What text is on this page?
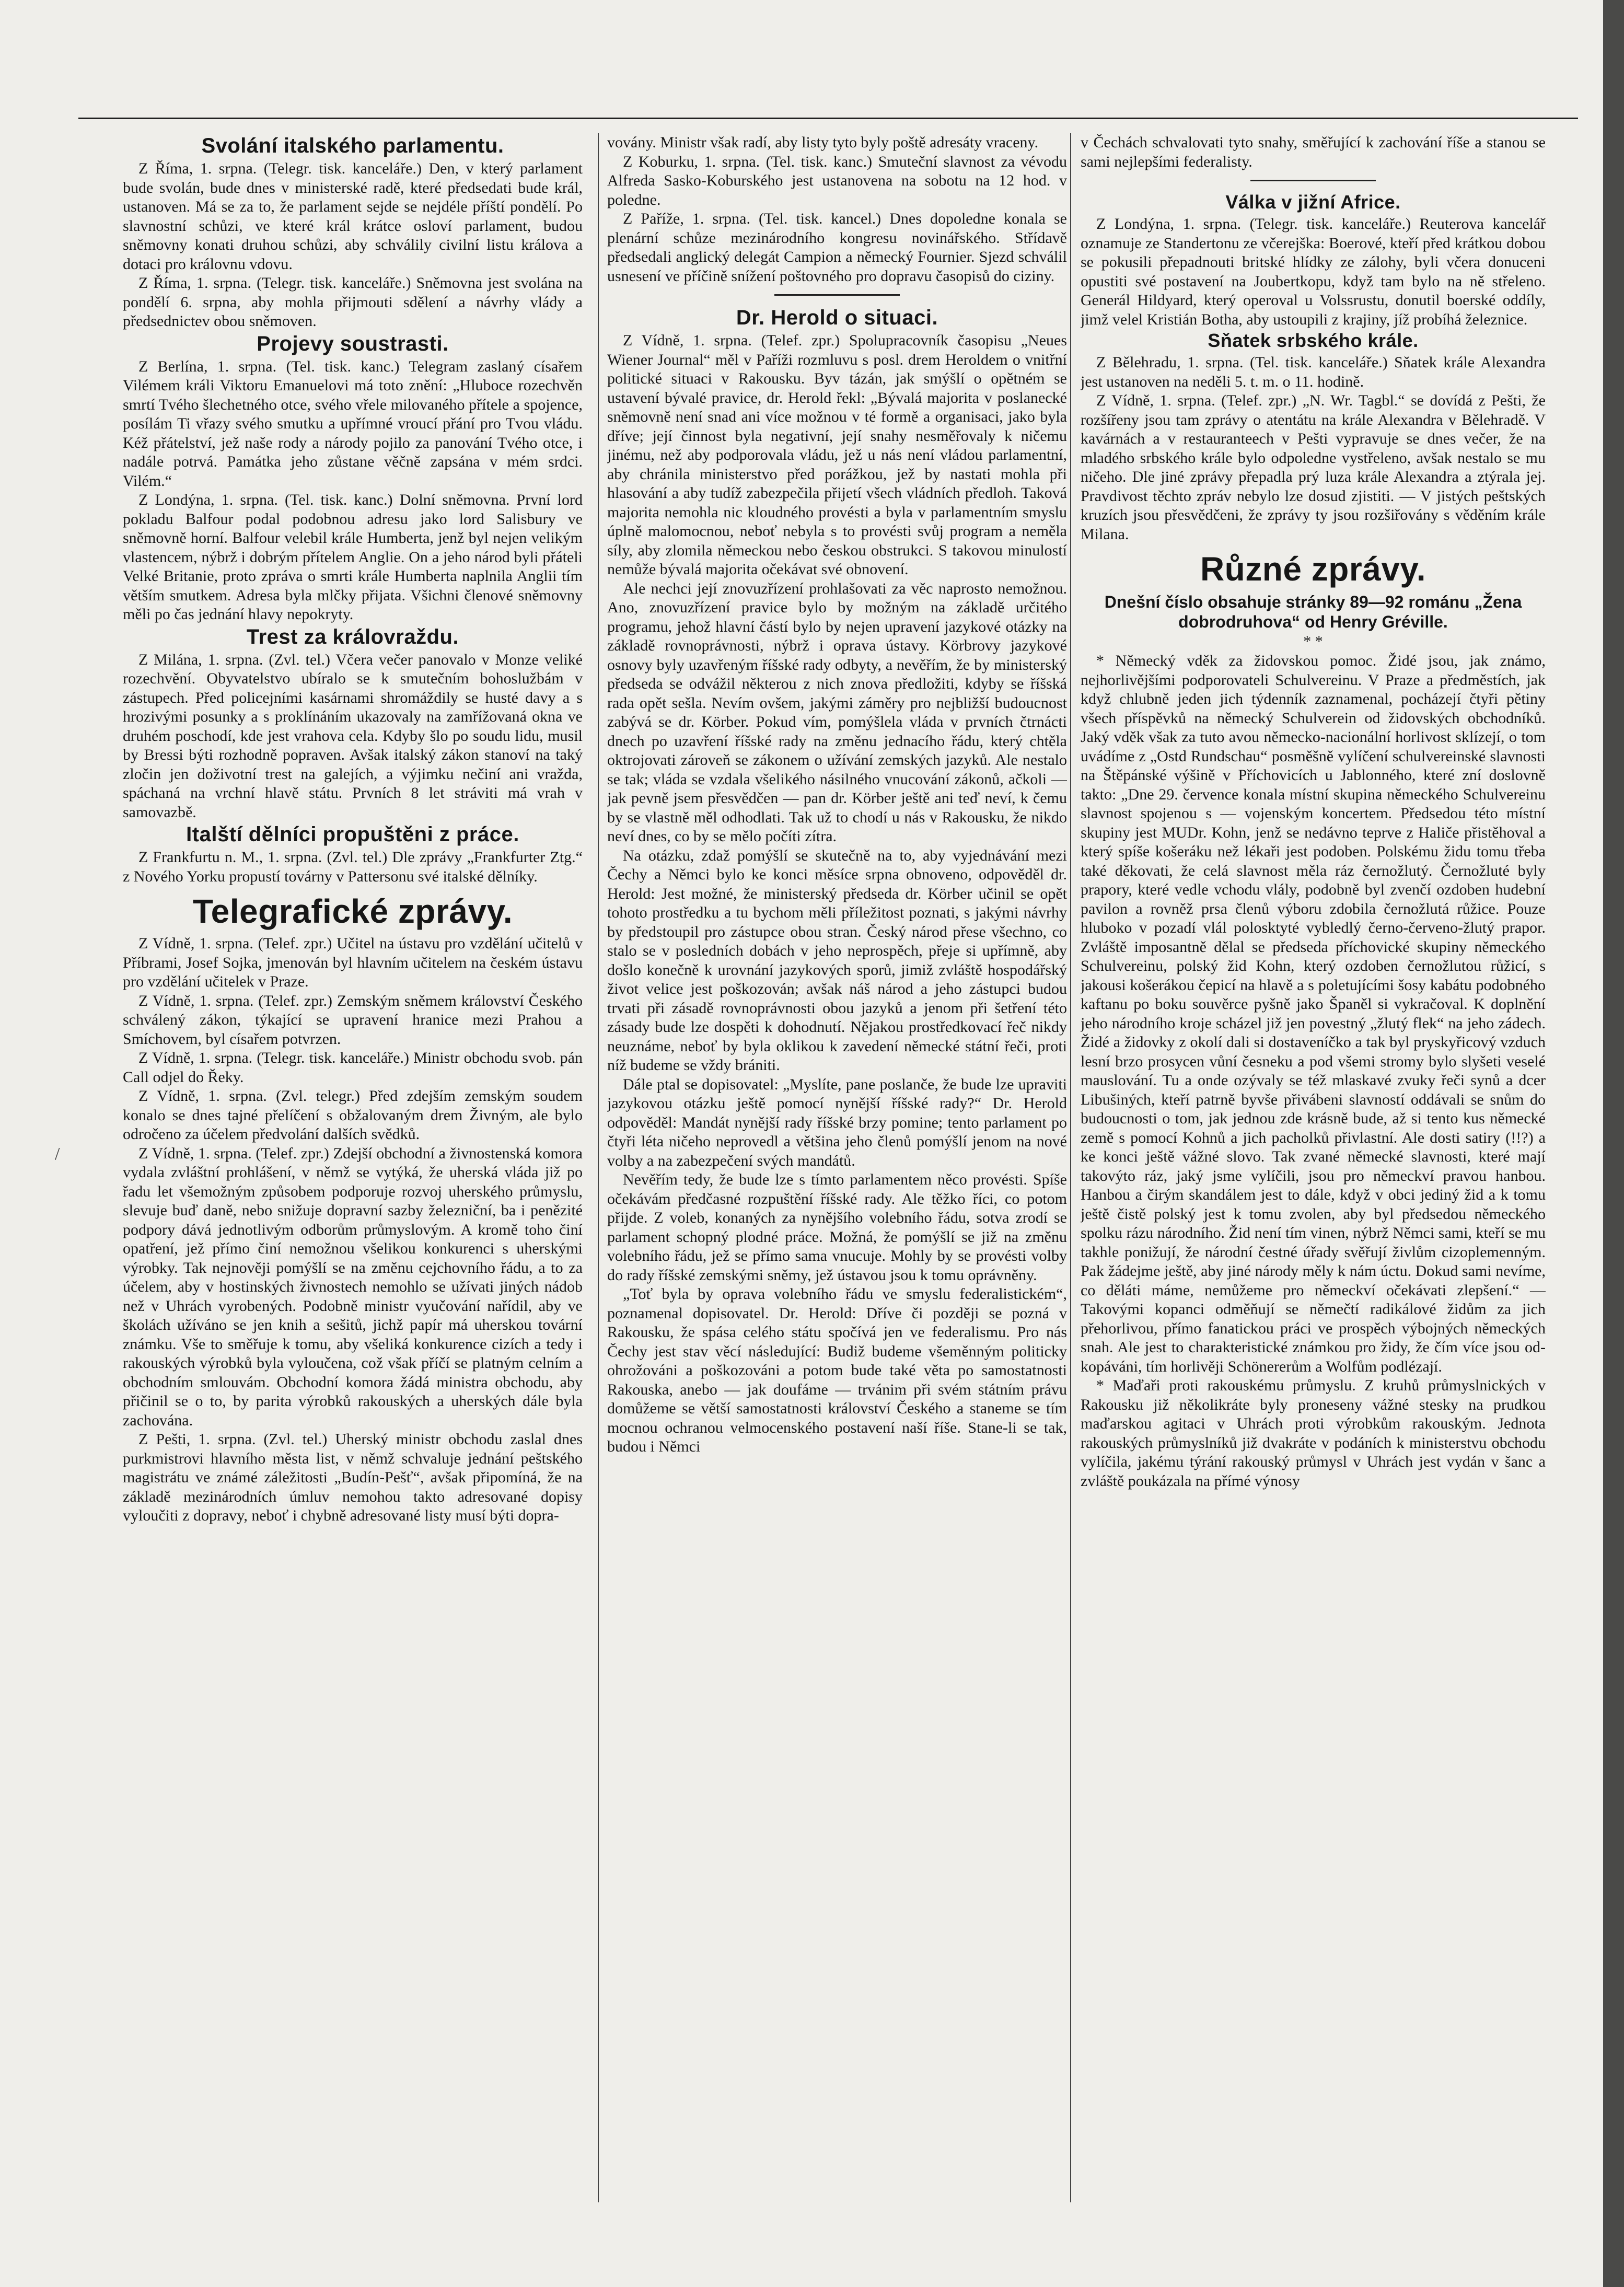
Svolání italského parlamentu.

Z Říma, 1. srpna. (Telegr. tisk. kanceláře.) Den, v který parlament bude svolán, bude dnes v ministerské radě, které předsedati bude král, ustanoven. Má se za to, že parlament sejde se nejdéle příští pondělí. Po slavnostní schůzi, ve které král krátce osloví parlament, budou sněmovny konati druhou schůzi, aby schválily civilní listu králova a dotaci pro královnu vdovu.

Z Říma, 1. srpna. (Telegr. tisk. kanceláře.) Sněmovna jest svolána na pondělí 6. srpna, aby mohla přijmouti sdělení a návrhy vlády a předsednictev obou sněmoven.

Projevy soustrasti.

Z Berlína, 1. srpna. (Tel. tisk. kanc.) Telegram zaslaný císařem Vilémem králi Viktoru Emanuelovi má toto znění: „Hluboce rozechvěn smrtí Tvého šlechetného otce, svého vřele milovaného přítele a spojence, posílám Ti vřazy svého smutku a upřímné vroucí přání pro Tvou vládu. Kéž přátelství, jež naše rody a národy pojilo za panování Tvého otce, i nadále potrvá. Památka jeho zůstane věčně zapsána v mém srdci. Vilém.“

Z Londýna, 1. srpna. (Tel. tisk. kanc.) Dolní sněmovna. První lord pokladu Balfour podal podobnou adresu jako lord Salisbury ve sněmovně horní. Balfour velebil krále Humberta, jenž byl nejen velikým vlastencem, nýbrž i dobrým přítelem Anglie. On a jeho národ byli přáteli Velké Britanie, proto zpráva o smrti krále Humberta naplnila Anglii tím větším smutkem. Adresa byla mlčky přijata. Všichni členové sněmovny měli po čas jednání hlavy nepokryty.

Trest za královraždu.

Z Milána, 1. srpna. (Zvl. tel.) Včera večer panovalo v Monze veliké rozechvění. Obyvatelstvo ubíralo se k smutečním bohoslužbám v zástupech. Před policejními kasárnami shromáždily se husté davy a s hrozivými posunky a s proklínáním ukazovaly na zamřížovaná okna ve druhém poschodí, kde jest vrahova cela. Kdyby šlo po soudu lidu, musil by Bressi býti rozhodně popraven. Avšak italský zákon stanoví na taký zločin jen doživotní trest na galejích, a výjimku nečiní ani vražda, spáchaná na vrchní hlavě státu. Prvních 8 let stráviti má vrah v samovazbě.

Italští dělníci propuštěni z práce.

Z Frankfurtu n. M., 1. srpna. (Zvl. tel.) Dle zprávy „Frankfurter Ztg.“ z Nového Yorku propustí továrny v Pattersonu své italské dělníky.

Telegrafické zprávy.

Z Vídně, 1. srpna. (Telef. zpr.) Učitel na ústavu pro vzdělání učitelů v Příbrami, Josef Sojka, jmenován byl hlavním učitelem na českém ústavu pro vzdělání učitelek v Praze.

Z Vídně, 1. srpna. (Telef. zpr.) Zemským sněmem království Českého schválený zákon, týkající se upravení hranice mezi Prahou a Smíchovem, byl císařem potvrzen.

Z Vídně, 1. srpna. (Telegr. tisk. kanceláře.) Ministr obchodu svob. pán Call odjel do Řeky.

Z Vídně, 1. srpna. (Zvl. telegr.) Před zdejším zemským soudem konalo se dnes tajné přelíčení s obžalovaným drem Živným, ale bylo odročeno za účelem předvolání dalších svědků.

Z Vídně, 1. srpna. (Telef. zpr.) Zdejší obchodní a živnostenská komora vydala zvláštní prohlášení, v němž se vytýká, že uherská vláda již po řadu let všemožným způsobem podporuje rozvoj uherského průmyslu, slevuje buď daně, nebo snižuje dopravní sazby železniční, ba i penězité podpory dává jednotlivým odborům průmyslovým. A kromě toho činí opatření, jež přímo činí nemožnou všelikou konkurenci s uherskými výrobky. Tak nejnověji pomýšlí se na změnu cejchovního řádu, a to za účelem, aby v hostinských živnostech nemohlo se užívati jiných nádob než v Uhrách vyrobených. Podobně ministr vyučování nařídil, aby ve školách užíváno se jen knih a sešitů, jichž papír má uherskou tovární známku. Vše to směřuje k tomu, aby všeliká konkurence cizích a tedy i rakouských výrobků byla vyloučena, což však příčí se platným celním a obchodním smlouvám. Obchodní komora žádá ministra obchodu, aby přičinil se o to, by parita výrobků rakouských a uherských dále byla zachována.

Z Pešti, 1. srpna. (Zvl. tel.) Uherský ministr obchodu zaslal dnes purkmistrovi hlavního města list, v němž schvaluje jednání peštského magistrátu ve známé záležitosti „Budín-Pešť“, avšak připomíná, že na základě mezinárodních úmluv nemohou takto adresované dopisy vyloučiti z dopravy, neboť i chybně adresované listy musí býti dopra-

vovány. Ministr však radí, aby listy tyto byly poště adresáty vraceny.

Z Koburku, 1. srpna. (Tel. tisk. kanc.) Smuteční slavnost za vévodu Alfreda Sasko-Koburského jest ustanovena na sobotu na 12 hod. v poledne.

Z Paříže, 1. srpna. (Tel. tisk. kancel.) Dnes dopoledne konala se plenární schůze mezinárodního kongresu novinářského. Střídavě předsedali anglický delegát Campion a německý Fournier. Sjezd schválil usnesení ve příčině snížení poštovného pro dopravu časopisů do ciziny.

Dr. Herold o situaci.

Z Vídně, 1. srpna. (Telef. zpr.) Spolupracovník časopisu „Neues Wiener Journal“ měl v Paříži rozmluvu s posl. drem Heroldem o vnitřní politické situaci v Rakousku. Byv tázán, jak smýšlí o opětném se ustavení bývalé pravice, dr. Herold řekl: „Bývalá majorita v poslanecké sněmovně není snad ani více možnou v té formě a organisaci, jako byla dříve; její činnost byla negativní, její snahy nesměřovaly k ničemu jinému, než aby podporovala vládu, jež u nás není vládou parlamentní, aby chránila ministerstvo před porážkou, jež by nastati mohla při hlasování a aby tudíž zabezpečila přijetí všech vládních předloh. Taková majorita nemohla nic kloudného provésti a byla v parlamentním smyslu úplně malomocnou, neboť nebyla s to provésti svůj program a neměla síly, aby zlomila německou nebo českou obstrukci. S takovou minulostí nemůže bývalá majorita očekávat své obnovení.

Ale nechci její znovuzřízení prohlašovati za věc naprosto nemožnou. Ano, znovuzřízení pravice bylo by možným na základě určitého programu, jehož hlavní částí bylo by nejen upravení jazykové otázky na základě rovnoprávnosti, nýbrž i oprava ústavy. Körbrovy jazykové osnovy byly uzavřeným říšské rady odbyty, a nevěřím, že by ministerský předseda se odvážil některou z nich znova předložiti, kdyby se říšská rada opět sešla. Nevím ovšem, jakými záměry pro nejbližší budoucnost zabývá se dr. Körber. Pokud vím, pomýšlela vláda v prvních čtrnácti dnech po uzavření říšské rady na změnu jednacího řádu, který chtěla oktrojovati zároveň se zákonem o užívání zemských jazyků. Ale nestalo se tak; vláda se vzdala všelikého násilného vnucování zákonů, ačkoli — jak pevně jsem přesvědčen — pan dr. Körber ještě ani teď neví, k čemu by se vlastně měl odhodlati. Tak už to chodí u nás v Rakousku, že nikdo neví dnes, co by se mělo počíti zítra.

Na otázku, zdaž pomýšlí se skutečně na to, aby vyjednávání mezi Čechy a Němci bylo ke konci měsíce srpna obnoveno, odpověděl dr. Herold: Jest možné, že ministerský předseda dr. Körber učinil se opět tohoto prostředku a tu bychom měli příležitost poznati, s jakými návrhy by předstoupil pro zástupce obou stran. Český národ přese všechno, co stalo se v posledních dobách v jeho neprospěch, přeje si upřímně, aby došlo konečně k urovnání jazykových sporů, jimiž zvláště hospodářský život velice jest poškozován; avšak náš národ a jeho zástupci budou trvati při zásadě rovnoprávnosti obou jazyků a jenom při šetření této zásady bude lze dospěti k dohodnutí. Nějakou prostředkovací řeč nikdy neuznáme, neboť by byla oklikou k zavedení německé státní řeči, proti níž budeme se vždy brániti.

Dále ptal se dopisovatel: „Myslíte, pane poslanče, že bude lze upraviti jazykovou otázku ještě pomocí nynější říšské rady?“ Dr. Herold odpověděl: Mandát nynější rady říšské brzy pomine; tento parlament po čtyři léta ničeho neprovedl a většina jeho členů pomýšlí jenom na nové volby a na zabezpečení svých mandátů.

Nevěřím tedy, že bude lze s tímto parlamentem něco provésti. Spíše očekávám předčasné rozpuštění říšské rady. Ale těžko říci, co potom přijde. Z voleb, konaných za nynějšího volebního řádu, sotva zrodí se parlament schopný plodné práce. Možná, že pomýšlí se již na změnu volebního řádu, jež se přímo sama vnucuje. Mohly by se provésti volby do rady říšské zemskými sněmy, jež ústavou jsou k tomu oprávněny.

„Toť byla by oprava volebního řádu ve smyslu federalistickém“, poznamenal dopisovatel. Dr. Herold: Dříve či později se pozná v Rakousku, že spása celého státu spočívá jen ve federalismu. Pro nás Čechy jest stav věcí následující: Budiž budeme všeměnným politicky ohrožováni a poškozováni a potom bude také věta po samostatnosti Rakouska, anebo — jak doufáme — trvánim při svém státním právu domůžeme se větší samostatnosti království Českého a staneme se tím mocnou ochranou velmocenského postavení naší říše. Stane-li se tak, budou i Němci

v Čechách schvalovati tyto snahy, směřující k zachování říše a stanou se sami nejlepšími federalisty.

Válka v jižní Africe.

Z Londýna, 1. srpna. (Telegr. tisk. kanceláře.) Reuterova kancelář oznamuje ze Standertonu ze včerejška: Boerové, kteří před krátkou dobou se pokusili přepadnouti britské hlídky ze zálohy, byli včera donuceni opustiti své postavení na Joubertkopu, když tam bylo na ně střeleno. Generál Hildyard, který operoval u Volssrustu, donutil boerské oddíly, jimž velel Kristián Botha, aby ustoupili z krajiny, jíž probíhá železnice.

Sňatek srbského krále.

Z Bělehradu, 1. srpna. (Tel. tisk. kanceláře.) Sňatek krále Alexandra jest ustanoven na neděli 5. t. m. o 11. hodině.

Z Vídně, 1. srpna. (Telef. zpr.) „N. Wr. Tagbl.“ se dovídá z Pešti, že rozšířeny jsou tam zprávy o atentátu na krále Alexandra v Bělehradě. V kavárnách a v restauranteech v Pešti vypravuje se dnes večer, že na mladého srbského krále bylo odpoledne vystřeleno, avšak nestalo se mu ničeho. Dle jiné zprávy přepadla prý luza krále Alexandra a ztýrala jej. Pravdivost těchto zpráv nebylo lze dosud zjistiti. — V jistých peštských kruzích jsou přesvědčeni, že zprávy ty jsou rozšiřovány s věděním krále Milana.

Různé zprávy.
Dnešní číslo obsahuje stránky 89—92 románu „Žena dobrodruhova“ od Henry Gréville.
* *

* Německý vděk za židovskou pomoc. Židé jsou, jak známo, nejhorlivějšími podporovateli Schulvereinu. V Praze a předměstích, jak když chlubně jeden jich týdenník zaznamenal, pocházejí čtyři pětiny všech příspěvků na německý Schulverein od židovských obchodníků. Jaký vděk však za tuto avou německo-nacionální horlivost sklízejí, o tom uvádíme z „Ostd Rundschau“ posměšně vylíčení schulvereinské slavnosti na Štěpánské výšině v Příchovicích u Jablonného, které zní doslovně takto: „Dne 29. července konala místní skupina německého Schulvereinu slavnost spojenou s — vojenským koncertem. Předsedou této místní skupiny jest MUDr. Kohn, jenž se nedávno teprve z Haliče přistěhoval a který spíše košeráku než lékaři jest podoben. Polskému židu tomu třeba také děkovati, že celá slavnost měla ráz černožlutý. Černožluté byly prapory, které vedle vchodu vlály, podobně byl zvenčí ozdoben hudební pavilon a rovněž prsa členů výboru zdobila černožlutá růžice. Pouze hluboko v pozadí vlál polosktyté vybledlý černo-červeno-žlutý prapor. Zvláště imposantně dělal se předseda příchovické skupiny německého Schulvereinu, polský žid Kohn, který ozdoben černožlutou růžicí, s jakousi košerákou čepicí na hlavě a s poletujícími šosy kabátu podobného kaftanu po boku souvěrce pyšně jako Španěl si vykračoval. K doplnění jeho národního kroje scházel již jen povestný „žlutý flek“ na jeho zádech. Židé a židovky z okolí dali si dostaveníčko a tak byl pryskyřicový vzduch lesní brzo prosycen vůní česneku a pod všemi stromy bylo slyšeti veselé mauslování. Tu a onde ozývaly se též mlaskavé zvuky řeči synů a dcer Libušiných, kteří patrně byvše přivábeni slavností oddávali se snům do budoucnosti o tom, jak jednou zde krásně bude, až si tento kus německé země s pomocí Kohnů a jich pacholků přivlastní. Ale dosti satiry (!!?) a ke konci ještě vážné slovo. Tak zvané německé slavnosti, které mají takovýto ráz, jaký jsme vylíčili, jsou pro německví pravou hanbou. Hanbou a čirým skandálem jest to dále, když v obci jediný žid a k tomu ještě čistě polský jest k tomu zvolen, aby byl předsedou německého spolku rázu národního. Žid není tím vinen, nýbrž Němci sami, kteří se mu takhle ponižují, že národní čestné úřady svěřují živlům cizoplemenným. Pak žádejme ještě, aby jiné národy měly k nám úctu. Dokud sami nevíme, co děláti máme, nemůžeme pro německví očekávati zlepšení.“ — Takovými kopanci odměňují se němečtí radikálové židům za jich přehorlivou, přímo fanatickou práci ve prospěch výbojných německých snah. Ale jest to charakteristické známkou pro židy, že čím více jsou od-kopáváni, tím horlivěji Schönererům a Wolfům podlézají.

* Maďaři proti rakouskému průmyslu. Z kruhů průmyslnických v Rakousku již několikráte byly proneseny vážné stesky na prudkou maďarskou agitaci v Uhrách proti výrobkům rakouským. Jednota rakouských průmyslníků již dvakráte v podáních k ministerstvu obchodu vylíčila, jakému týrání rakouský průmysl v Uhrách jest vydán v šanc a zvláště poukázala na přímé výnosy

/
